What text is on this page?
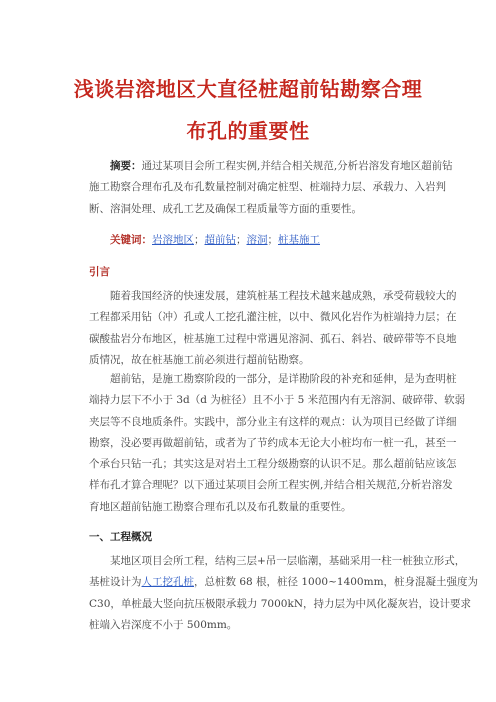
浅谈岩溶地区大直径桩超前钻勘察合理
布孔的重要性
摘要：通过某项目会所工程实例,并结合相关规范,分析岩溶发育地区超前钻
施工勘察合理布孔及布孔数量控制对确定桩型、桩端持力层、承载力、入岩判
断、溶洞处理、成孔工艺及确保工程质量等方面的重要性。
关键词：岩溶地区；超前钻；溶洞；桩基施工
引言
随着我国经济的快速发展，建筑桩基工程技术越来越成熟，承受荷载较大的
工程都采用钻（冲）孔或人工挖孔灌注桩，以中、微风化岩作为桩端持力层；在
碳酸盐岩分布地区，桩基施工过程中常遇见溶洞、孤石、斜岩、破碎带等不良地
质情况，故在桩基施工前必须进行超前钻勘察。
超前钻，是施工勘察阶段的一部分，是详勘阶段的补充和延伸，是为查明桩
端持力层下不小于 3d（d 为桩径）且不小于 5 米范围内有无溶洞、破碎带、软弱
夹层等不良地质条件。实践中，部分业主有这样的观点：认为项目已经做了详细
勘察，没必要再做超前钻，或者为了节约成本无论大小桩均布一桩一孔，甚至一
个承台只钻一孔；其实这是对岩土工程分级勘察的认识不足。那么超前钻应该怎
样布孔才算合理呢？以下通过某项目会所工程实例,并结合相关规范,分析岩溶发
育地区超前钻施工勘察合理布孔以及布孔数量的重要性。
一、工程概况
某地区项目会所工程，结构三层+吊一层临潮，基础采用一柱一桩独立形式，
基桩设计为人工挖孔桩，总桩数 68 根，桩径 1000~1400mm，桩身混凝土强度为
C30，单桩最大竖向抗压极限承载力 7000kN，持力层为中风化凝灰岩，设计要求
桩端入岩深度不小于 500mm。
